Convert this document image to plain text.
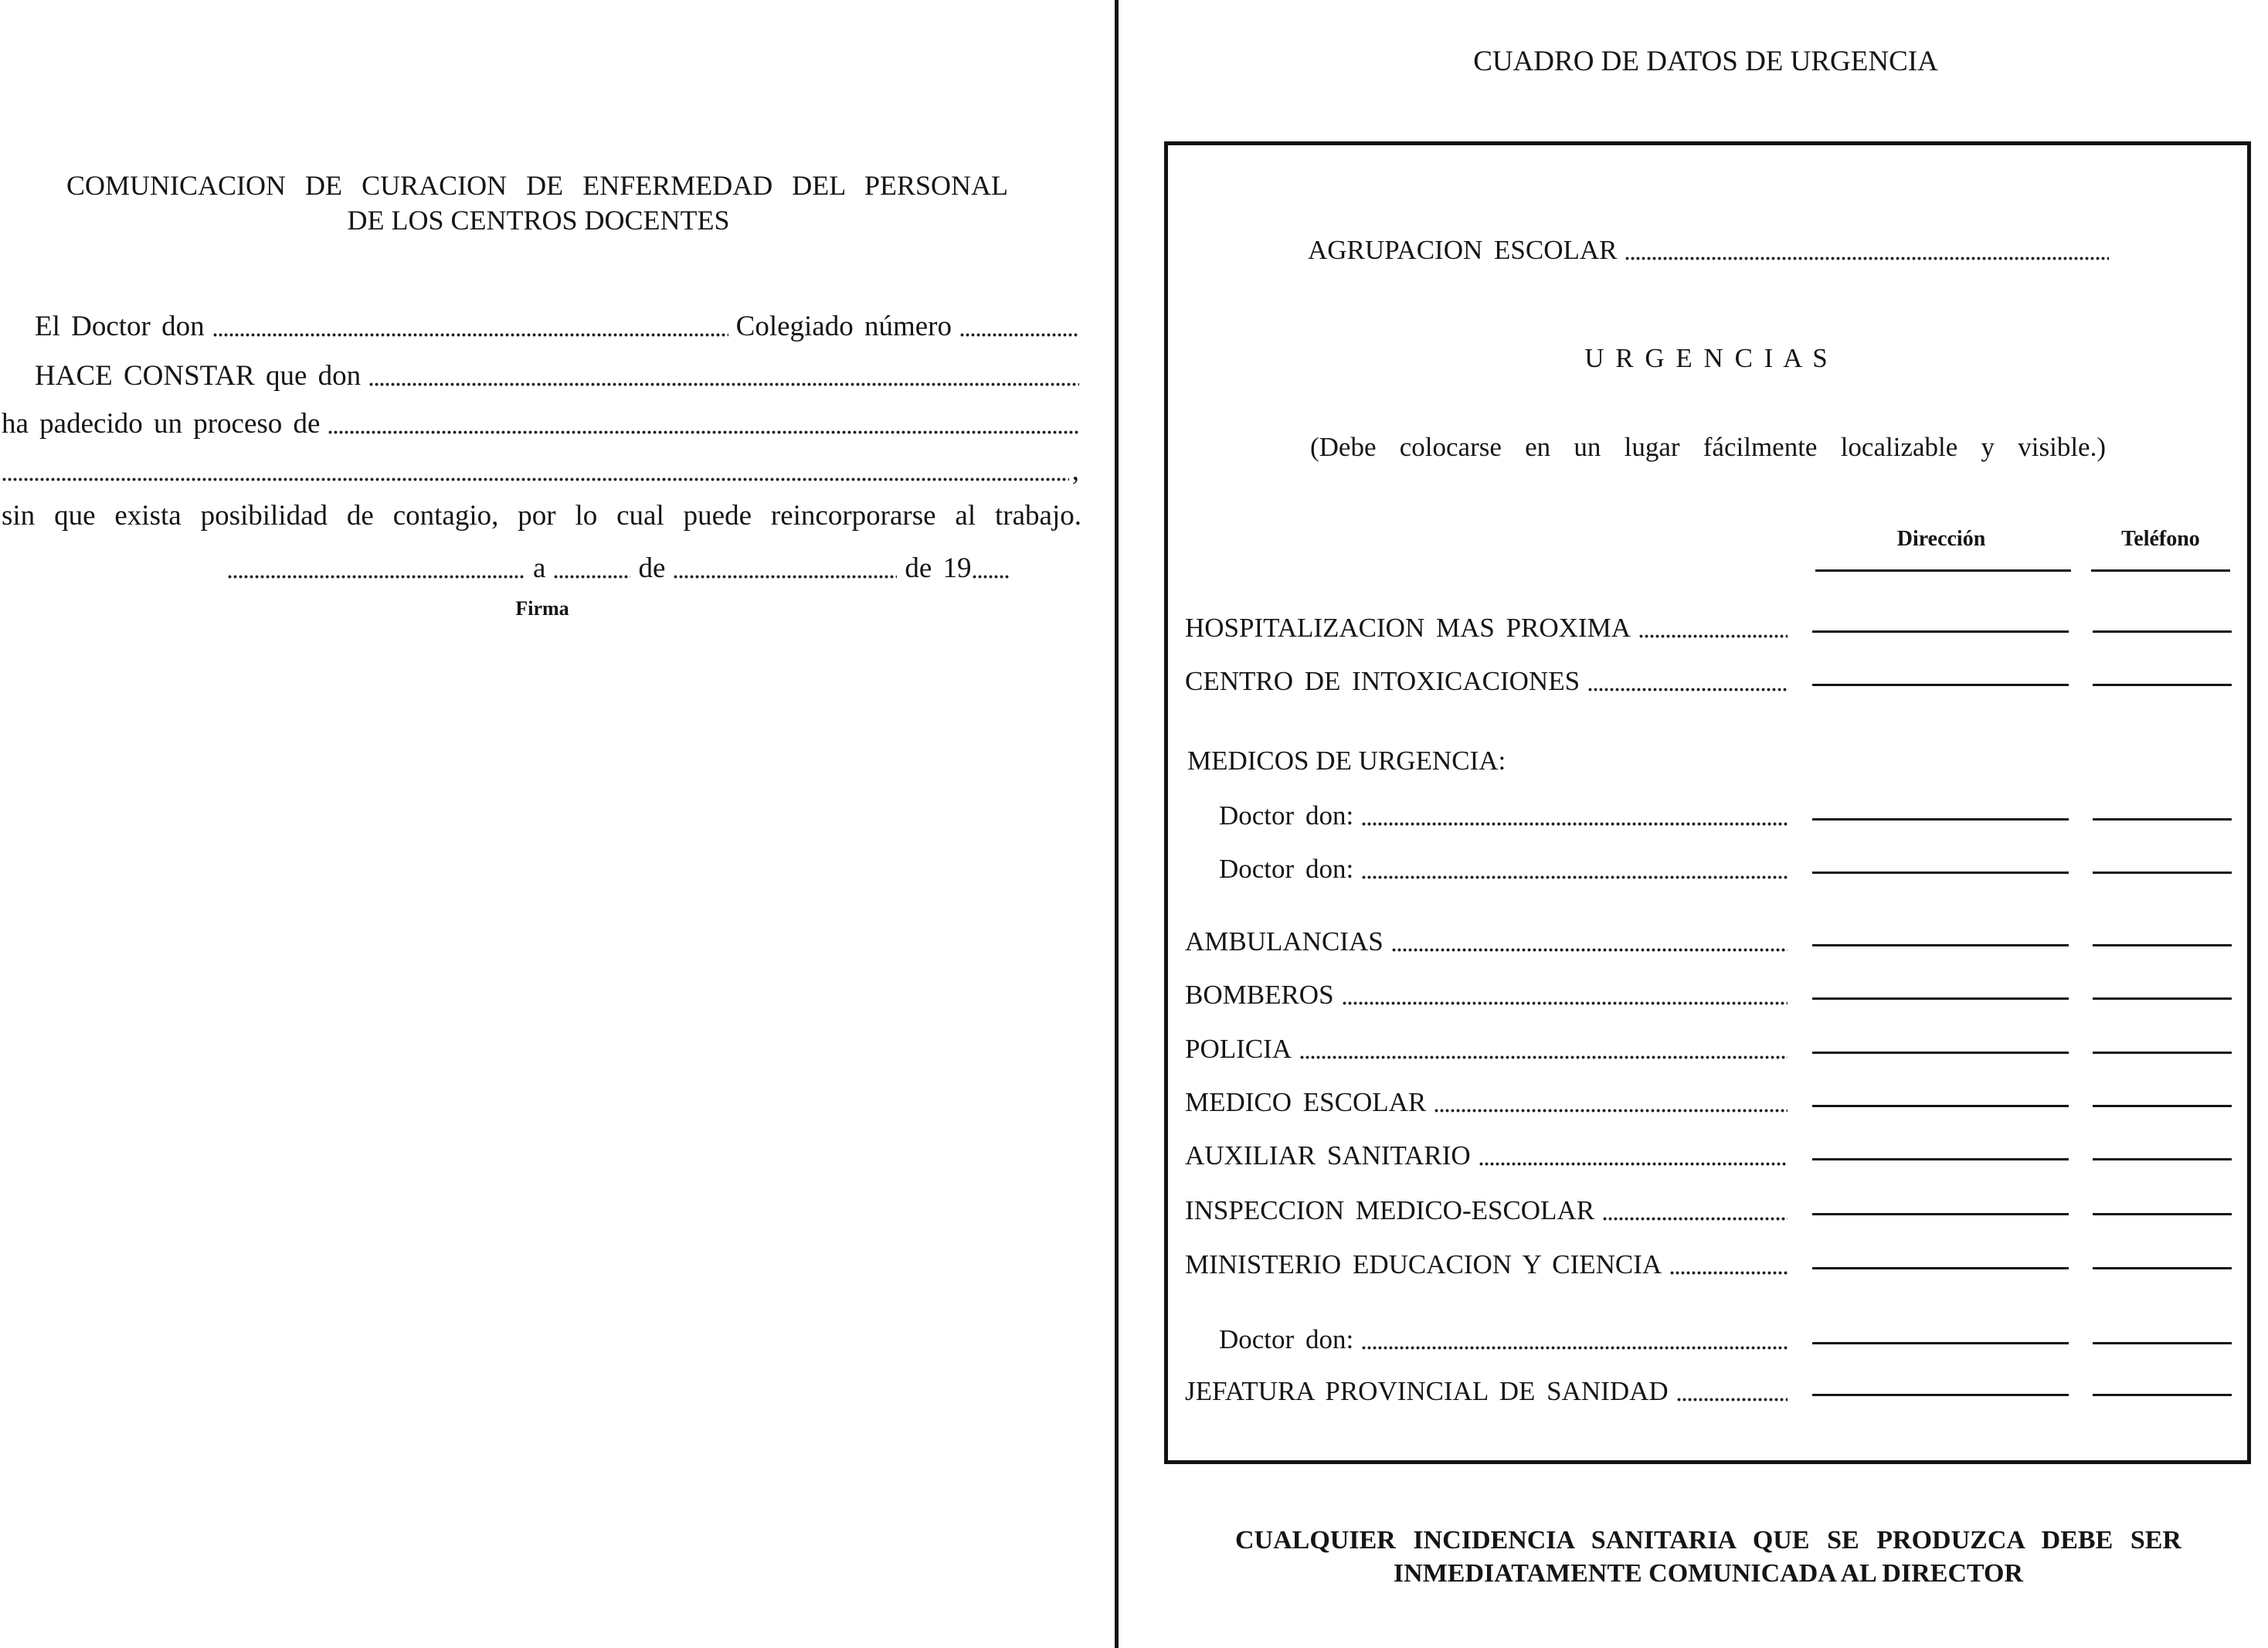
COMUNICACION DE CURACION DE ENFERMEDAD DEL PERSONAL
DE LOS CENTROS DOCENTES
El Doctor don	Colegiado número
HACE CONSTAR que don
ha padecido un proceso de
,
sin que exista posibilidad de contagio, por lo cual puede reincorporarse al trabajo.
a	de	de 19
Firma
CUADRO DE DATOS DE URGENCIA
AGRUPACION ESCOLAR
U R G E N C I A S
(Debe colocarse en un lugar fácilmente localizable y visible.)
Dirección	Teléfono
HOSPITALIZACION MAS PROXIMA
CENTRO DE INTOXICACIONES
MEDICOS DE URGENCIA:
Doctor don:
Doctor don:
AMBULANCIAS
BOMBEROS
POLICIA
MEDICO ESCOLAR
AUXILIAR SANITARIO
INSPECCION MEDICO-ESCOLAR
MINISTERIO EDUCACION Y CIENCIA
Doctor don:
JEFATURA PROVINCIAL DE SANIDAD
CUALQUIER INCIDENCIA SANITARIA QUE SE PRODUZCA DEBE SER
INMEDIATAMENTE COMUNICADA AL DIRECTOR
